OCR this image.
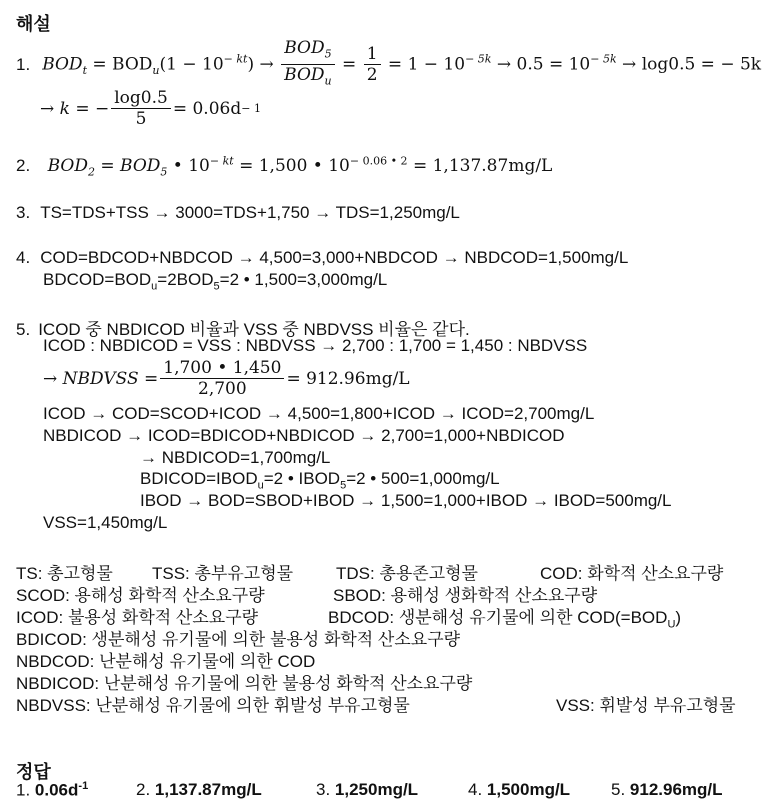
해설
1. $BOD_t = BOD_u(1 - 10^{- kt}) \to \frac{BOD_5}{BOD_u} = \frac{1}{2} = 1 - 10^{- 5k} \to 0.5 = 10^{- 5k} \to \log 0.5$ = − 5k
→ k = − $\frac{\log 0.5}{5} = 0.06d - 1$
2. $BOD_2 = BOD_5$ • $10^{- kt} = 1,500$ • $10^{- 0.06 • 2} = 1,137.87mg/L$
3. TS=TDS+TSS → 3000=TDS+1,750 → TDS=1,250mg/L
4. COD=BDCOD+NBDCOD → 4,500=3,000+NBDCOD → NBDCOD=1,500mg/L
$BDCOD=BOD_u=2BOD_5=2$ • 1,500=3,000mg/L
5. ICOD 중 NBDICOD 비율과 VSS 중 NBDVSS 비율은 같다.
ICOD : NBDICOD = VSS : NBDVSS → 2,700 : 1,700 = 1,450 : NBDVSS
→ NBDVSS = $\frac{1,700 • 1,450}{2,700} = 912.96mg/L$
ICOD → COD=SCOD+ICOD → 4,500=1,800+ICOD → ICOD=2,700mg/L
NBDICOD → ICOD=BDICOD+NBDICOD → 2,700=1,000+NBDICOD
→ NBDICOD=1,700mg/L
$BDICOD=IBOD_u=2$ • $IBOD_5=2$ • 500=1,000mg/L
IBOD → BOD=SBOD+IBOD → 1,500=1,000+IBOD → IBOD=500mg/L
VSS=1,450mg/L
TS: 총고형물 TSS: 총부유고형물	TDS: 총용존고형물	COD: 화학적 산소요구량
SCOD: 용해성 화학적 산소요구량	SBOD: 용해성 생화학적 산소요구량
ICOD: 불용성 화학적 산소요구량	BDCOD: 생분해성 유기물에 의한 $COD(=BOD_U)$
BDICOD: 생분해성 유기물에 의한 불용성 화학적 산소요구량
NBDCOD: 난분해성 유기물에 의한 COD
NBDICOD: 난분해성 유기물에 의한 불용성 화학적 산소요구량
NBDVSS: 난분해성 유기물에 의한 휘발성 부유고형물	VSS: 휘발성 부유고형물
정답
1. $0.06d^{-1}$	2. 1,137.87mg/L	3. 1,250mg/L	4. 1,500mg/L 5. 912.96mg/L
